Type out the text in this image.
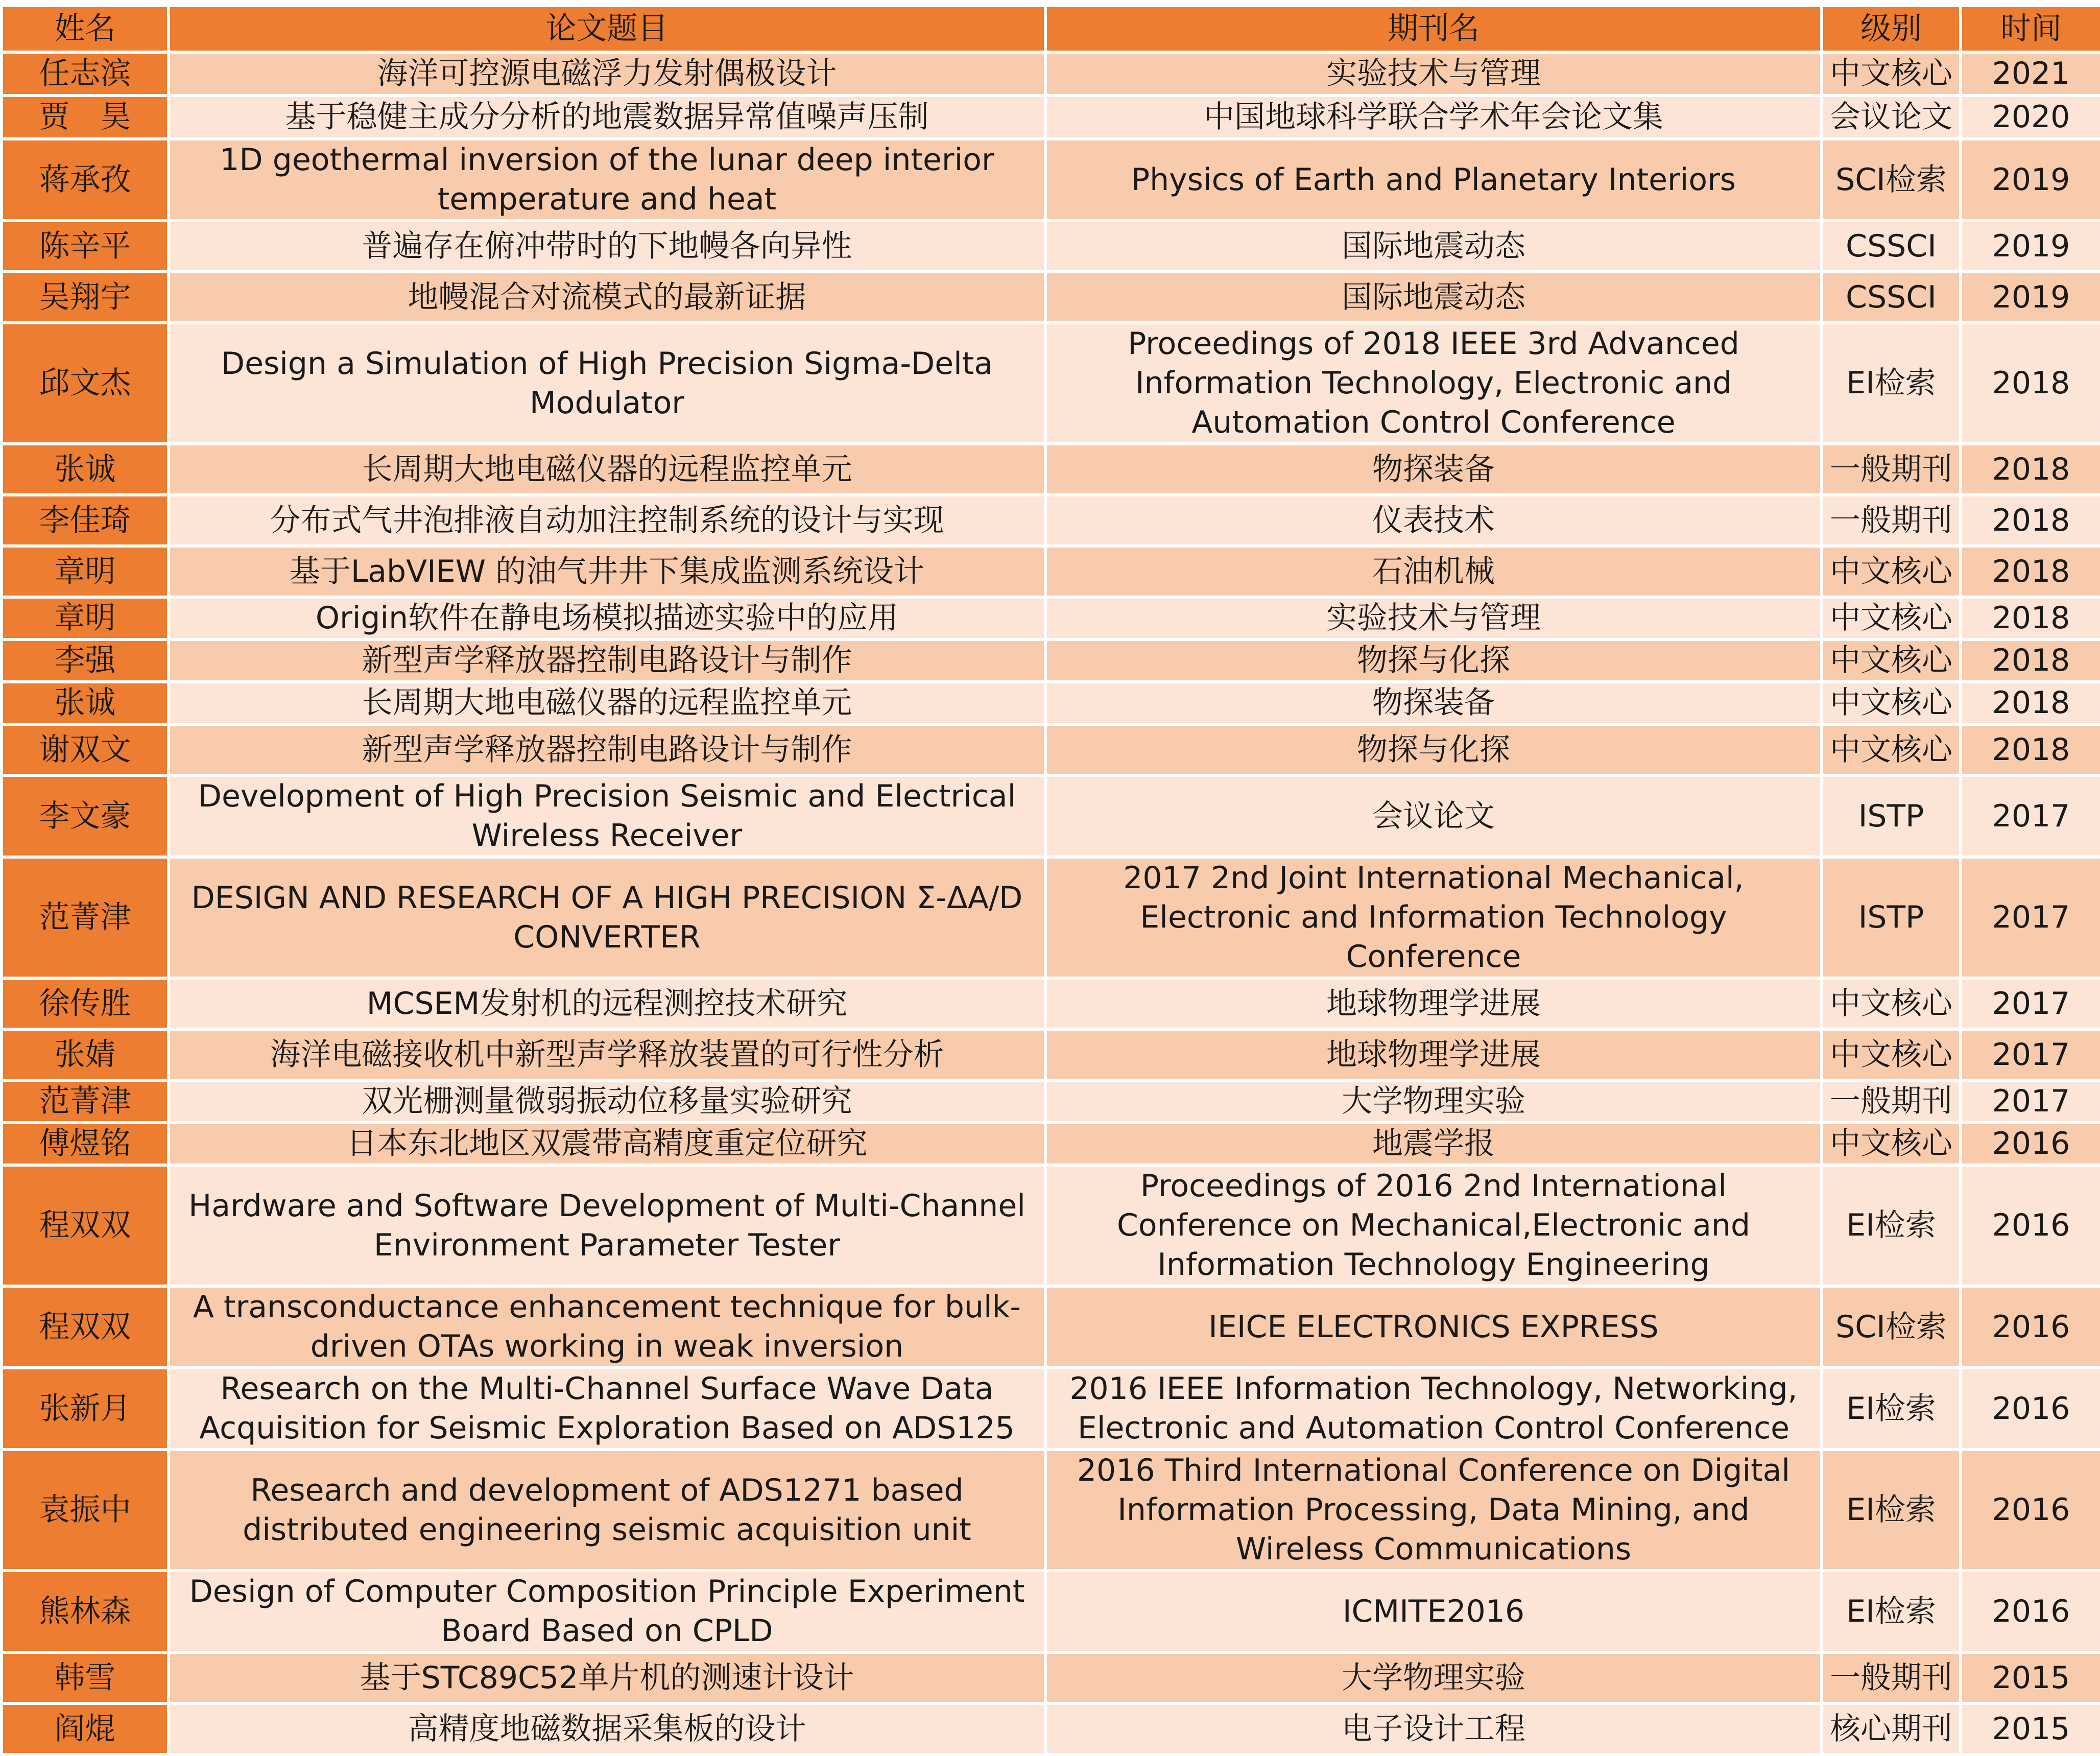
姓名	论文题目	期刊名	级别	时间
任志滨	海洋可控源电磁浮力发射偶极设计	实验技术与管理	中文核心	2021
贾　昊	基于稳健主成分分析的地震数据异常值噪声压制	中国地球科学联合学术年会论文集	会议论文	2020
蒋承孜	1D geothermal inversion of the lunar deep interior temperature and heat	Physics of Earth and Planetary Interiors	SCI检索	2019
陈辛平	普遍存在俯冲带时的下地幔各向异性	国际地震动态	CSSCI	2019
吴翔宇	地幔混合对流模式的最新证据	国际地震动态	CSSCI	2019
邱文杰	Design a Simulation of High Precision Sigma-Delta Modulator	Proceedings of 2018 IEEE 3rd Advanced Information Technology, Electronic and Automation Control Conference	EI检索	2018
张诚	长周期大地电磁仪器的远程监控单元	物探装备	一般期刊	2018
李佳琦	分布式气井泡排液自动加注控制系统的设计与实现	仪表技术	一般期刊	2018
章明	基于LabVIEW 的油气井井下集成监测系统设计	石油机械	中文核心	2018
章明	Origin软件在静电场模拟描迹实验中的应用	实验技术与管理	中文核心	2018
李强	新型声学释放器控制电路设计与制作	物探与化探	中文核心	2018
张诚	长周期大地电磁仪器的远程监控单元	物探装备	中文核心	2018
谢双文	新型声学释放器控制电路设计与制作	物探与化探	中文核心	2018
李文豪	Development of High Precision Seismic and Electrical Wireless Receiver	会议论文	ISTP	2017
范菁津	DESIGN AND RESEARCH OF A HIGH PRECISION Σ-ΔA/D CONVERTER	2017 2nd Joint International Mechanical, Electronic and Information Technology Conference	ISTP	2017
徐传胜	MCSEM发射机的远程测控技术研究	地球物理学进展	中文核心	2017
张婧	海洋电磁接收机中新型声学释放装置的可行性分析	地球物理学进展	中文核心	2017
范菁津	双光栅测量微弱振动位移量实验研究	大学物理实验	一般期刊	2017
傅煜铭	日本东北地区双震带高精度重定位研究	地震学报	中文核心	2016
程双双	Hardware and Software Development of Multi-Channel Environment Parameter Tester	Proceedings of 2016 2nd International Conference on Mechanical,Electronic and Information Technology Engineering	EI检索	2016
程双双	A transconductance enhancement technique for bulk-driven OTAs working in weak inversion	IEICE ELECTRONICS EXPRESS	SCI检索	2016
张新月	Research on the Multi-Channel Surface Wave Data Acquisition for Seismic Exploration Based on ADS125	2016 IEEE Information Technology, Networking, Electronic and Automation Control Conference	EI检索	2016
袁振中	Research and development of ADS1271 based distributed engineering seismic acquisition unit	2016 Third International Conference on Digital Information Processing, Data Mining, and Wireless Communications	EI检索	2016
熊林森	Design of Computer Composition Principle Experiment Board Based on CPLD	ICMITE2016	EI检索	2016
韩雪	基于STC89C52单片机的测速计设计	大学物理实验	一般期刊	2015
阎焜	高精度地磁数据采集板的设计	电子设计工程	核心期刊	2015
